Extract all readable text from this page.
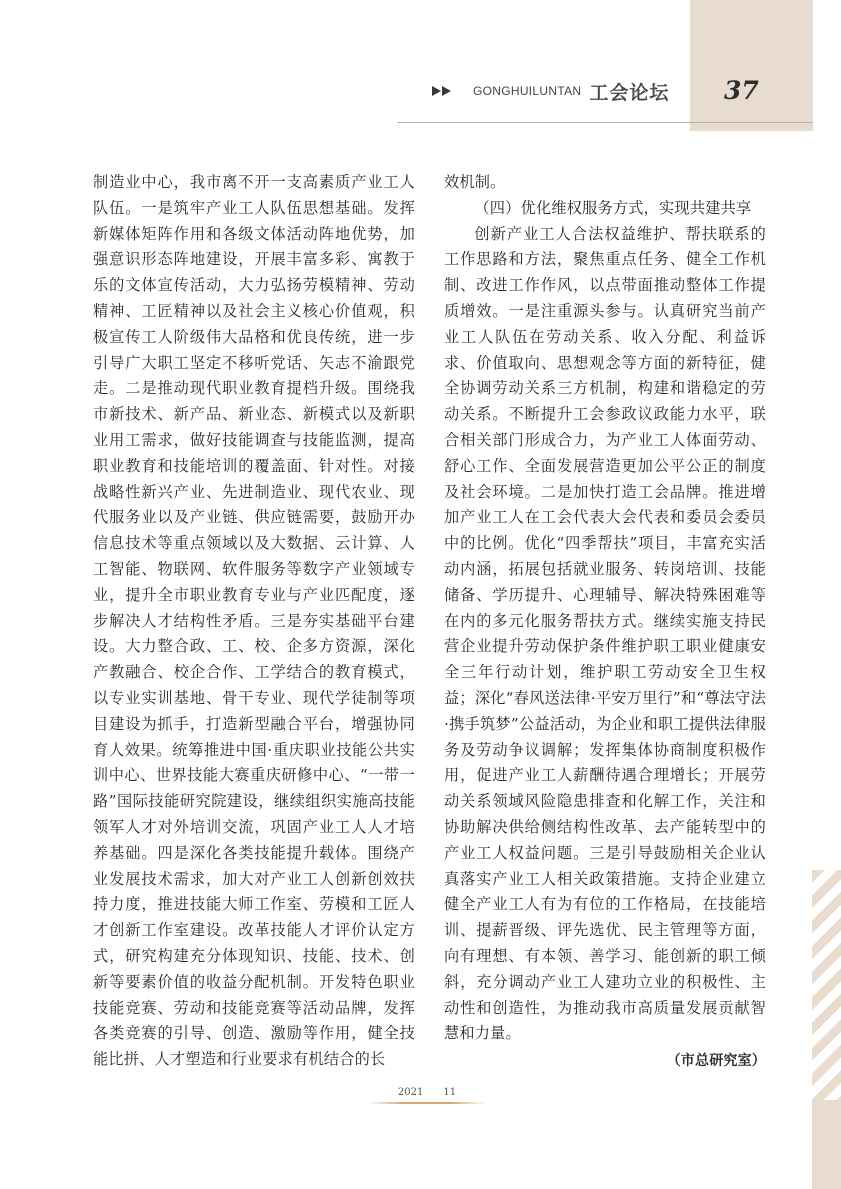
GONGHUILUNTAN 工会论坛 37

制造业中心，我市离不开一支高素质产业工人队伍。一是筑牢产业工人队伍思想基础。发挥新媒体矩阵作用和各级文体活动阵地优势，加强意识形态阵地建设，开展丰富多彩、寓教于乐的文体宣传活动，大力弘扬劳模精神、劳动精神、工匠精神以及社会主义核心价值观，积极宣传工人阶级伟大品格和优良传统，进一步引导广大职工坚定不移听党话、矢志不渝跟党走。二是推动现代职业教育提档升级。围绕我市新技术、新产品、新业态、新模式以及新职业用工需求，做好技能调查与技能监测，提高职业教育和技能培训的覆盖面、针对性。对接战略性新兴产业、先进制造业、现代农业、现代服务业以及产业链、供应链需要，鼓励开办信息技术等重点领域以及大数据、云计算、人工智能、物联网、软件服务等数字产业领域专业，提升全市职业教育专业与产业匹配度，逐步解决人才结构性矛盾。三是夯实基础平台建设。大力整合政、工、校、企多方资源，深化产教融合、校企合作、工学结合的教育模式，以专业实训基地、骨干专业、现代学徒制等项目建设为抓手，打造新型融合平台，增强协同育人效果。统筹推进中国·重庆职业技能公共实训中心、世界技能大赛重庆研修中心、“一带一路”国际技能研究院建设，继续组织实施高技能领军人才对外培训交流，巩固产业工人人才培养基础。四是深化各类技能提升载体。围绕产业发展技术需求，加大对产业工人创新创效扶持力度，推进技能大师工作室、劳模和工匠人才创新工作室建设。改革技能人才评价认定方式，研究构建充分体现知识、技能、技术、创新等要素价值的收益分配机制。开发特色职业技能竞赛、劳动和技能竞赛等活动品牌，发挥各类竞赛的引导、创造、激励等作用，健全技能比拼、人才塑造和行业要求有机结合的长

效机制。

（四）优化维权服务方式，实现共建共享

创新产业工人合法权益维护、帮扶联系的工作思路和方法，聚焦重点任务、健全工作机制、改进工作作风，以点带面推动整体工作提质增效。一是注重源头参与。认真研究当前产业工人队伍在劳动关系、收入分配、利益诉求、价值取向、思想观念等方面的新特征，健全协调劳动关系三方机制，构建和谐稳定的劳动关系。不断提升工会参政议政能力水平，联合相关部门形成合力，为产业工人体面劳动、舒心工作、全面发展营造更加公平公正的制度及社会环境。二是加快打造工会品牌。推进增加产业工人在工会代表大会代表和委员会委员中的比例。优化“四季帮扶”项目，丰富充实活动内涵，拓展包括就业服务、转岗培训、技能储备、学历提升、心理辅导、解决特殊困难等在内的多元化服务帮扶方式。继续实施支持民营企业提升劳动保护条件维护职工职业健康安全三年行动计划，维护职工劳动安全卫生权益；深化“春风送法律·平安万里行”和“尊法守法·携手筑梦”公益活动，为企业和职工提供法律服务及劳动争议调解；发挥集体协商制度积极作用，促进产业工人薪酬待遇合理增长；开展劳动关系领域风险隐患排查和化解工作，关注和协助解决供给侧结构性改革、去产能转型中的产业工人权益问题。三是引导鼓励相关企业认真落实产业工人相关政策措施。支持企业建立健全产业工人有为有位的工作格局，在技能培训、提薪晋级、评先选优、民主管理等方面，向有理想、有本领、善学习、能创新的职工倾斜，充分调动产业工人建功立业的积极性、主动性和创造性，为推动我市高质量发展贡献智慧和力量。

（市总研究室）

2021 11
